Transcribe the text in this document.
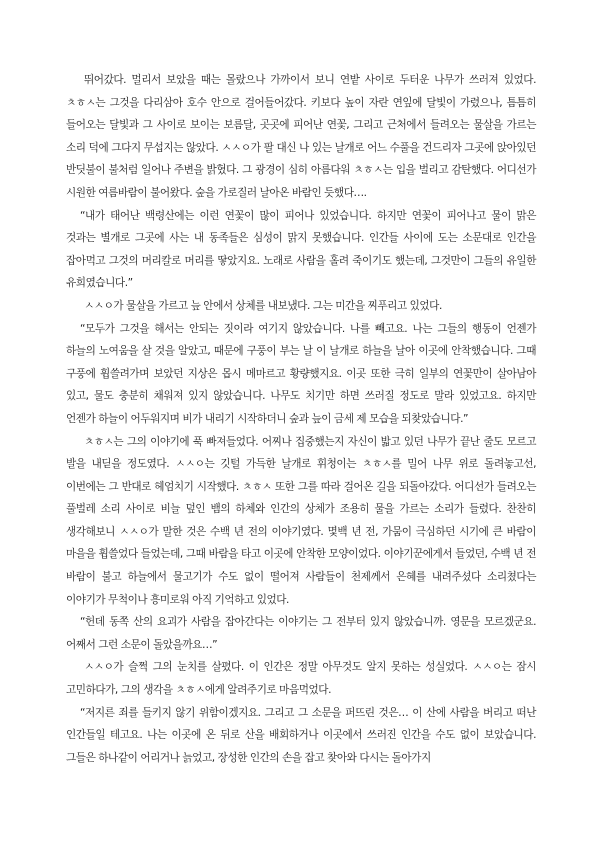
뛰어갔다. 멀리서 보았을 때는 몰랐으나 가까이서 보니 연밭 사이로 두터운 나무가 쓰러져 있었다. ㅊㅎㅅ는 그것을 다리삼아 호수 안으로 걸어들어갔다. 키보다 높이 자란 연잎에 달빛이 가렸으나, 틈틈히 들어오는 달빛과 그 사이로 보이는 보름달, 곳곳에 피어난 연꽃, 그리고 근처에서 들려오는 물살을 가르는 소리 덕에 그다지 무섭지는 않았다. ㅅㅅㅇ가 팔 대신 나 있는 날개로 어느 수풀을 건드리자 그곳에 앉아있던 반딧불이 불처럼 일어나 주변을 밝혔다. 그 광경이 심히 아름다워 ㅊㅎㅅ는 입을 벌리고 감탄했다. 어디선가 시원한 여름바람이 불어왔다. 숲을 가로질러 날아온 바람인 듯했다….

“내가 태어난 백령산에는 이런 연꽃이 많이 피어나 있었습니다. 하지만 연꽃이 피어나고 물이 맑은 것과는 별개로 그곳에 사는 내 동족들은 심성이 맑지 못했습니다. 인간들 사이에 도는 소문대로 인간을 잡아먹고 그것의 머리칼로 머리를 땋았지요. 노래로 사람을 홀려 죽이기도 했는데, 그것만이 그들의 유일한 유희였습니다.”

ㅅㅅㅇ가 물살을 가르고 늪 안에서 상체를 내보냈다. 그는 미간을 찌푸리고 있었다.

“모두가 그것을 해서는 안되는 짓이라 여기지 않았습니다. 나를 빼고요. 나는 그들의 행동이 언젠가 하늘의 노여움을 살 것을 알았고, 때문에 구풍이 부는 날 이 날개로 하늘을 날아 이곳에 안착했습니다. 그때 구풍에 휩쓸려가며 보았던 지상은 몹시 메마르고 황량했지요. 이곳 또한 극히 일부의 연꽃만이 살아남아 있고, 물도 충분히 채워져 있지 않았습니다. 나무도 치기만 하면 쓰러질 정도로 말라 있었고요. 하지만 언젠가 하늘이 어두워지며 비가 내리기 시작하더니 숲과 늪이 금세 제 모습을 되찾았습니다.”

ㅊㅎㅅ는 그의 이야기에 푹 빠져들었다. 어찌나 집중했는지 자신이 밟고 있던 나무가 끝난 줄도 모르고 발을 내딛을 정도였다. ㅅㅅㅇ는 깃털 가득한 날개로 휘청이는 ㅊㅎㅅ를 밀어 나무 위로 돌려놓고선, 이번에는 그 반대로 헤엄치기 시작했다. ㅊㅎㅅ 또한 그를 따라 걸어온 길을 되돌아갔다. 어디선가 들려오는 풀벌레 소리 사이로 비늘 덮인 뱀의 하체와 인간의 상체가 조용히 물을 가르는 소리가 들렸다. 찬찬히 생각해보니 ㅅㅅㅇ가 말한 것은 수백 년 전의 이야기였다. 몇백 년 전, 가뭄이 극심하던 시기에 큰 바람이 마을을 휩쓸었다 들었는데, 그때 바람을 타고 이곳에 안착한 모양이었다. 이야기꾼에게서 들었던, 수백 년 전 바람이 불고 하늘에서 물고기가 수도 없이 떨어져 사람들이 천제께서 은혜를 내려주셨다 소리쳤다는 이야기가 무척이나 흥미로워 아직 기억하고 있었다.

“헌데 동쪽 산의 요괴가 사람을 잡아간다는 이야기는 그 전부터 있지 않았습니까. 영문을 모르겠군요. 어째서 그런 소문이 돌았을까요…”

ㅅㅅㅇ가 슬쩍 그의 눈치를 살폈다. 이 인간은 정말 아무것도 알지 못하는 성실었다. ㅅㅅㅇ는 잠시 고민하다가, 그의 생각을 ㅊㅎㅅ에게 알려주기로 마음먹었다.

“저지른 죄를 들키지 않기 위함이겠지요. 그리고 그 소문을 퍼뜨린 것은… 이 산에 사람을 버리고 떠난 인간들일 테고요. 나는 이곳에 온 뒤로 산을 배회하거나 이곳에서 쓰러진 인간을 수도 없이 보았습니다. 그들은 하나같이 어리거나 늙었고, 장성한 인간의 손을 잡고 찾아와 다시는 돌아가지
